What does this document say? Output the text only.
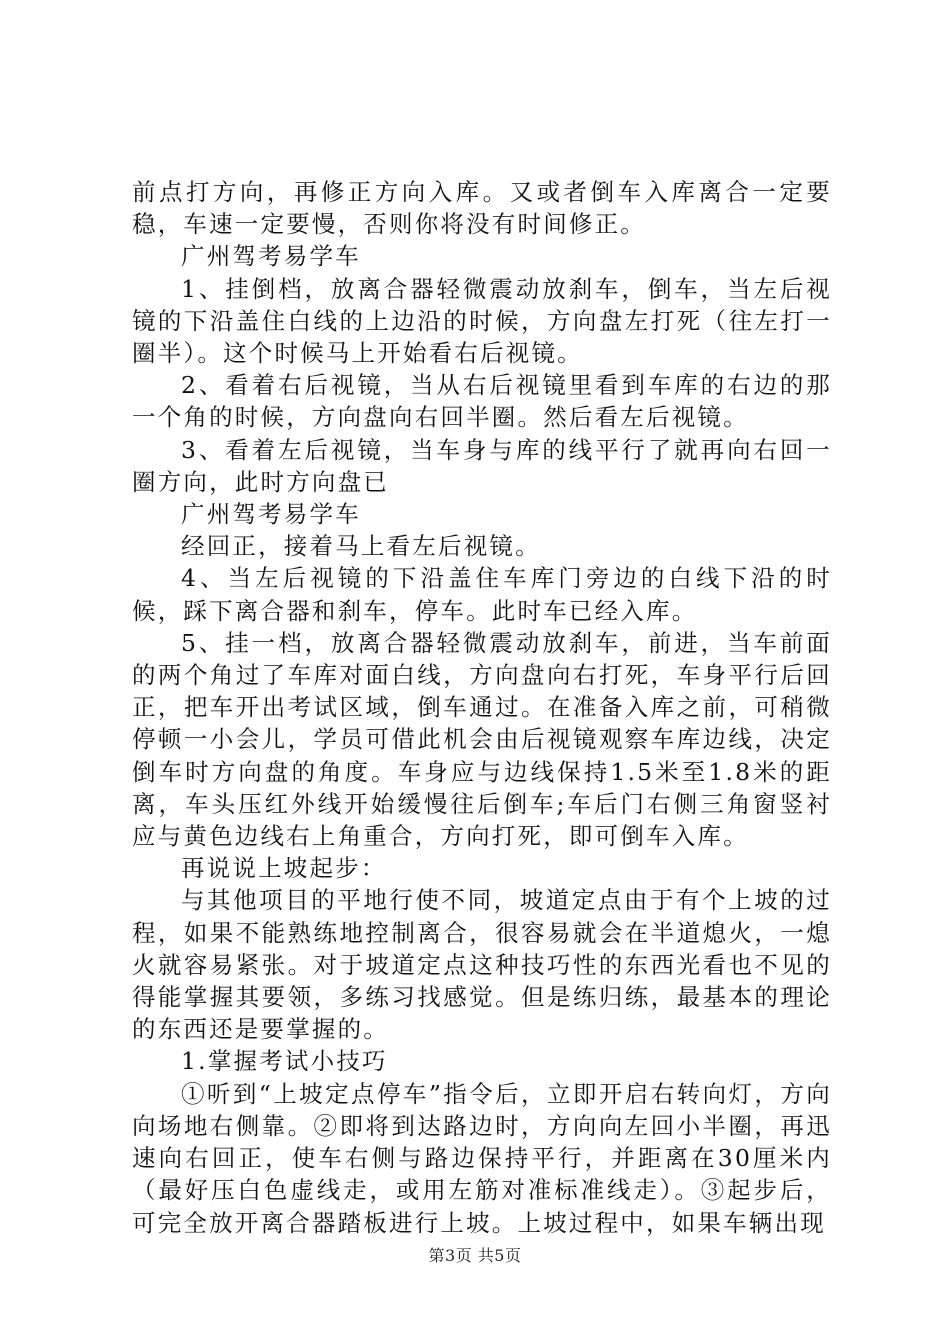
前点打方向，再修正方向入库。又或者倒车入库离合一定要稳，车速一定要慢，否则你将没有时间修正。

广州驾考易学车

1、挂倒档，放离合器轻微震动放刹车，倒车，当左后视镜的下沿盖住白线的上边沿的时候，方向盘左打死（往左打一圈半）。这个时候马上开始看右后视镜。

2、看着右后视镜，当从右后视镜里看到车库的右边的那一个角的时候，方向盘向右回半圈。然后看左后视镜。

3、看着左后视镜，当车身与库的线平行了就再向右回一圈方向，此时方向盘已

广州驾考易学车

经回正，接着马上看左后视镜。

4、当左后视镜的下沿盖住车库门旁边的白线下沿的时候，踩下离合器和刹车，停车。此时车已经入库。

5、挂一档，放离合器轻微震动放刹车，前进，当车前面的两个角过了车库对面白线，方向盘向右打死，车身平行后回正，把车开出考试区域，倒车通过。在准备入库之前，可稍微停顿一小会儿，学员可借此机会由后视镜观察车库边线，决定倒车时方向盘的角度。车身应与边线保持1.5米至1.8米的距离，车头压红外线开始缓慢往后倒车;车后门右侧三角窗竖衬应与黄色边线右上角重合，方向打死，即可倒车入库。

再说说上坡起步：

与其他项目的平地行使不同，坡道定点由于有个上坡的过程，如果不能熟练地控制离合，很容易就会在半道熄火，一熄火就容易紧张。对于坡道定点这种技巧性的东西光看也不见的得能掌握其要领，多练习找感觉。但是练归练，最基本的理论的东西还是要掌握的。

1.掌握考试小技巧

①听到“上坡定点停车”指令后，立即开启右转向灯，方向向场地右侧靠。②即将到达路边时，方向向左回小半圈，再迅速向右回正，使车右侧与路边保持平行，并距离在30厘米内（最好压白色虚线走，或用左筋对准标准线走）。③起步后，可完全放开离合器踏板进行上坡。上坡过程中，如果车辆出现

第3页 共5页
